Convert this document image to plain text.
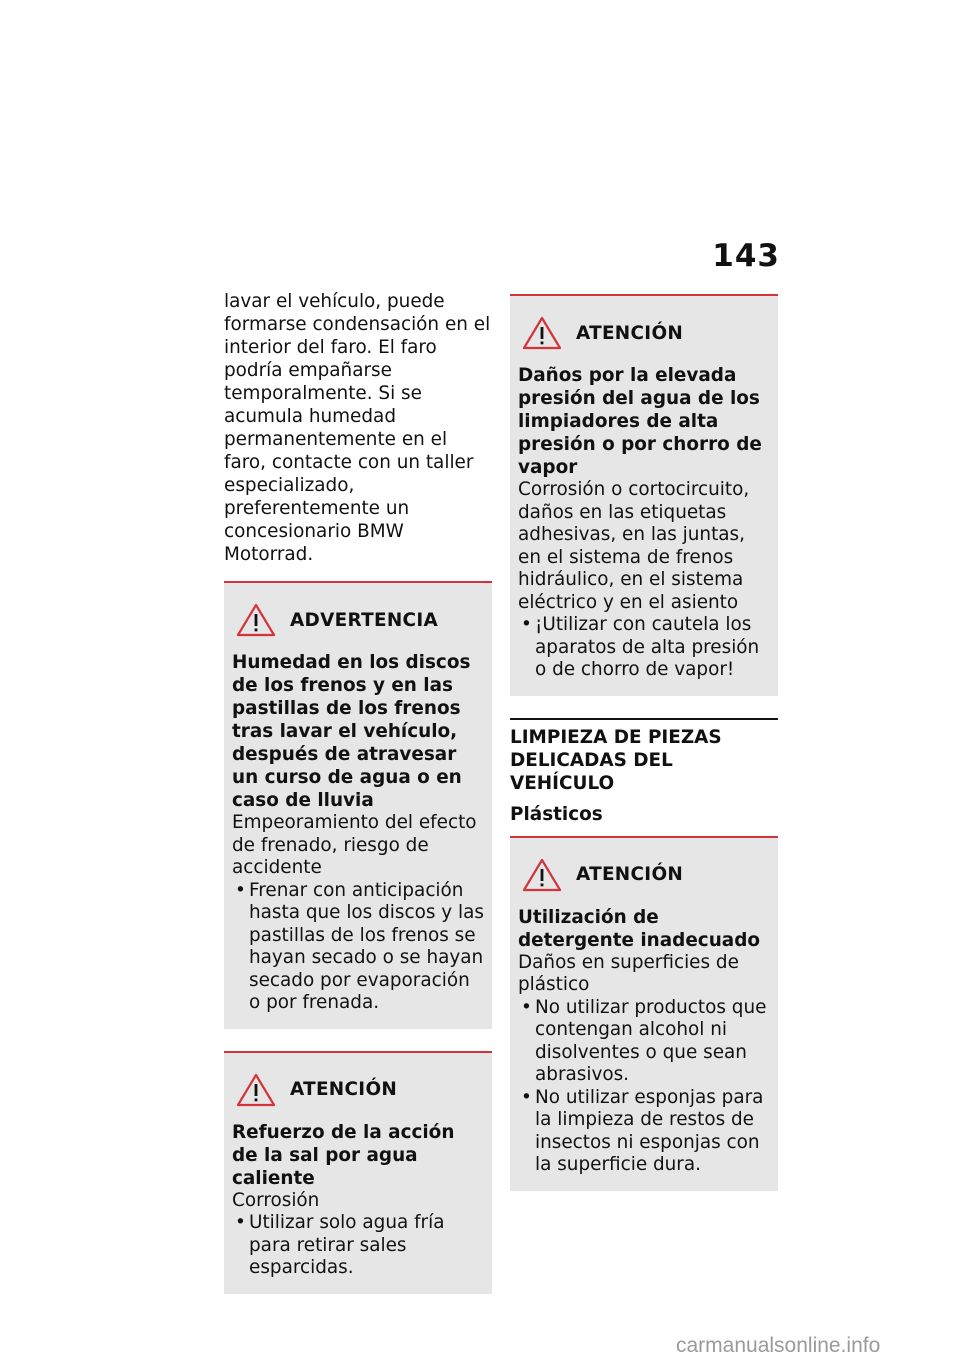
143

lavar el vehículo, puede formarse condensación en el interior del faro. El faro podría empañarse temporalmente. Si se acumula humedad permanentemente en el faro, contacte con un taller especializado, preferentemente un concesionario BMW Motorrad.

ADVERTENCIA

Humedad en los discos de los frenos y en las pastillas de los frenos tras lavar el vehículo, después de atravesar un curso de agua o en caso de lluvia

Empeoramiento del efecto de frenado, riesgo de accidente

• Frenar con anticipación hasta que los discos y las pastillas de los frenos se hayan secado o se hayan secado por evaporación o por frenada.
ATENCIÓN

Refuerzo de la acción de la sal por agua caliente

Corrosión

• Utilizar solo agua fría para retirar sales esparcidas.
ATENCIÓN

Daños por la elevada presión del agua de los limpiadores de alta presión o por chorro de vapor

Corrosión o cortocircuito, daños en las etiquetas adhesivas, en las juntas, en el sistema de frenos hidráulico, en el sistema eléctrico y en el asiento

• ¡Utilizar con cautela los aparatos de alta presión o de chorro de vapor!
LIMPIEZA DE PIEZAS DELICADAS DEL VEHÍCULO
Plásticos
ATENCIÓN

Utilización de detergente inadecuado

Daños en superficies de plástico

• No utilizar productos que contengan alcohol ni disolventes o que sean abrasivos.
• No utilizar esponjas para la limpieza de restos de insectos ni esponjas con la superficie dura.
carmanualsonline.info
